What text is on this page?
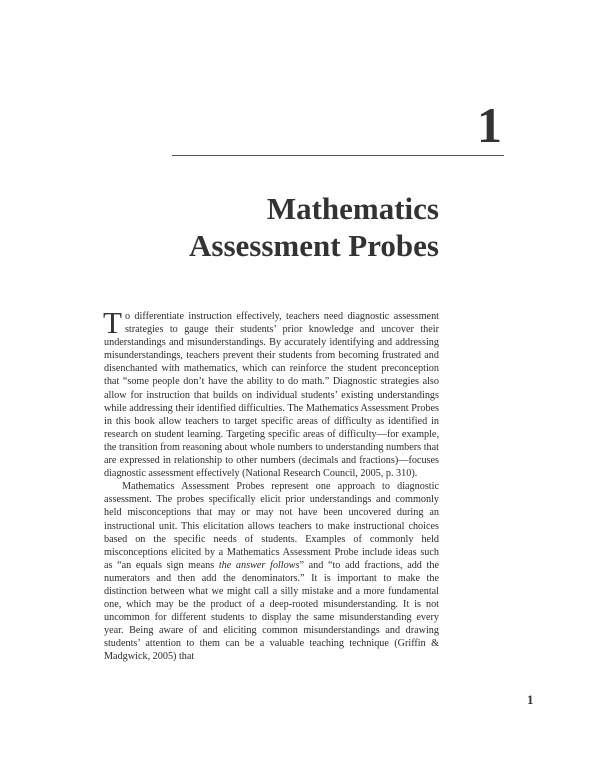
1
Mathematics
Assessment Probes

To differentiate instruction effectively, teachers need diagnostic assessment strategies to gauge their students’ prior knowledge and uncover their understandings and misunderstandings. By accurately identifying and addressing misunderstandings, teachers prevent their students from becoming frustrated and disenchanted with mathematics, which can reinforce the student preconception that “some people don’t have the ability to do math.” Diagnostic strategies also allow for instruction that builds on individual students’ existing understandings while addressing their identified difficulties. The Mathematics Assessment Probes in this book allow teachers to target specific areas of difficulty as identified in research on student learning. Targeting specific areas of difficulty—for example, the transition from reasoning about whole numbers to understanding numbers that are expressed in relationship to other numbers (decimals and fractions)—focuses diagnostic assessment effectively (National Research Council, 2005, p. 310).

Mathematics Assessment Probes represent one approach to diagnostic assessment. The probes specifically elicit prior understandings and commonly held misconceptions that may or may not have been uncovered during an instructional unit. This elicitation allows teachers to make instructional choices based on the specific needs of students. Examples of commonly held misconceptions elicited by a Mathematics Assessment Probe include ideas such as “an equals sign means the answer follows” and “to add fractions, add the numerators and then add the denominators.” It is important to make the distinction between what we might call a silly mistake and a more fundamental one, which may be the product of a deep-rooted misunderstanding. It is not uncommon for different students to display the same misunderstanding every year. Being aware of and eliciting common misunderstandings and drawing students’ attention to them can be a valuable teaching technique (Griffin & Madgwick, 2005) that

1
